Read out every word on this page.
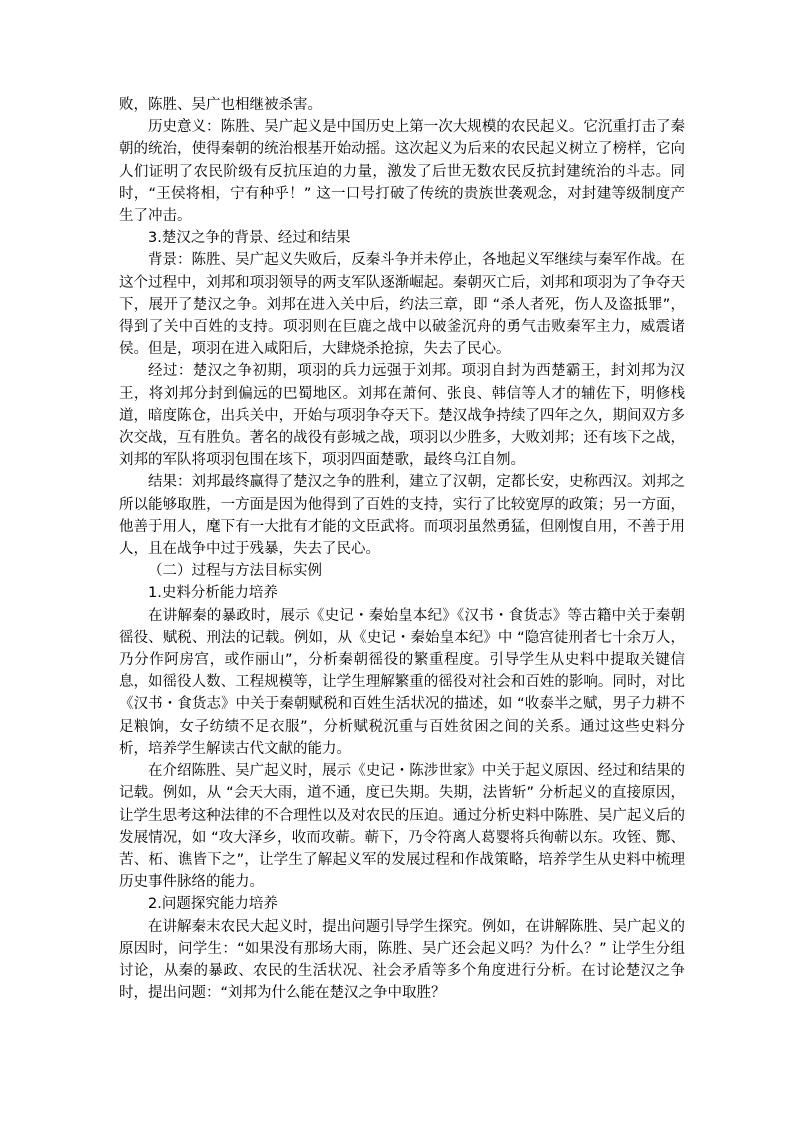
败，陈胜、吴广也相继被杀害。

历史意义：陈胜、吴广起义是中国历史上第一次大规模的农民起义。它沉重打击了秦朝的统治，使得秦朝的统治根基开始动摇。这次起义为后来的农民起义树立了榜样，它向人们证明了农民阶级有反抗压迫的力量，激发了后世无数农民反抗封建统治的斗志。同时，“王侯将相，宁有种乎！” 这一口号打破了传统的贵族世袭观念，对封建等级制度产生了冲击。

3.楚汉之争的背景、经过和结果

背景：陈胜、吴广起义失败后，反秦斗争并未停止，各地起义军继续与秦军作战。在这个过程中，刘邦和项羽领导的两支军队逐渐崛起。秦朝灭亡后，刘邦和项羽为了争夺天下，展开了楚汉之争。刘邦在进入关中后，约法三章，即 “杀人者死，伤人及盗抵罪”，得到了关中百姓的支持。项羽则在巨鹿之战中以破釜沉舟的勇气击败秦军主力，威震诸侯。但是，项羽在进入咸阳后，大肆烧杀抢掠，失去了民心。

经过：楚汉之争初期，项羽的兵力远强于刘邦。项羽自封为西楚霸王，封刘邦为汉王，将刘邦分封到偏远的巴蜀地区。刘邦在萧何、张良、韩信等人才的辅佐下，明修栈道，暗度陈仓，出兵关中，开始与项羽争夺天下。楚汉战争持续了四年之久，期间双方多次交战，互有胜负。著名的战役有彭城之战，项羽以少胜多，大败刘邦；还有垓下之战，刘邦的军队将项羽包围在垓下，项羽四面楚歌，最终乌江自刎。

结果：刘邦最终赢得了楚汉之争的胜利，建立了汉朝，定都长安，史称西汉。刘邦之所以能够取胜，一方面是因为他得到了百姓的支持，实行了比较宽厚的政策；另一方面，他善于用人，麾下有一大批有才能的文臣武将。而项羽虽然勇猛，但刚愎自用，不善于用人，且在战争中过于残暴，失去了民心。

（二）过程与方法目标实例

1.史料分析能力培养

在讲解秦的暴政时，展示《史记・秦始皇本纪》《汉书・食货志》等古籍中关于秦朝徭役、赋税、刑法的记载。例如，从《史记・秦始皇本纪》中 “隐宫徒刑者七十余万人，乃分作阿房宫，或作丽山”，分析秦朝徭役的繁重程度。引导学生从史料中提取关键信息，如徭役人数、工程规模等，让学生理解繁重的徭役对社会和百姓的影响。同时，对比《汉书・食货志》中关于秦朝赋税和百姓生活状况的描述，如 “收泰半之赋，男子力耕不足粮饷，女子纺绩不足衣服”，分析赋税沉重与百姓贫困之间的关系。通过这些史料分析，培养学生解读古代文献的能力。

在介绍陈胜、吴广起义时，展示《史记・陈涉世家》中关于起义原因、经过和结果的记载。例如，从 “会天大雨，道不通，度已失期。失期，法皆斩” 分析起义的直接原因，让学生思考这种法律的不合理性以及对农民的压迫。通过分析史料中陈胜、吴广起义后的发展情况，如 “攻大泽乡，收而攻蕲。蕲下，乃令符离人葛婴将兵徇蕲以东。攻铚、酂、苦、柘、谯皆下之”，让学生了解起义军的发展过程和作战策略，培养学生从史料中梳理历史事件脉络的能力。

2.问题探究能力培养

在讲解秦末农民大起义时，提出问题引导学生探究。例如，在讲解陈胜、吴广起义的原因时，问学生：“如果没有那场大雨，陈胜、吴广还会起义吗？为什么？” 让学生分组讨论，从秦的暴政、农民的生活状况、社会矛盾等多个角度进行分析。在讨论楚汉之争时，提出问题：“刘邦为什么能在楚汉之争中取胜？
